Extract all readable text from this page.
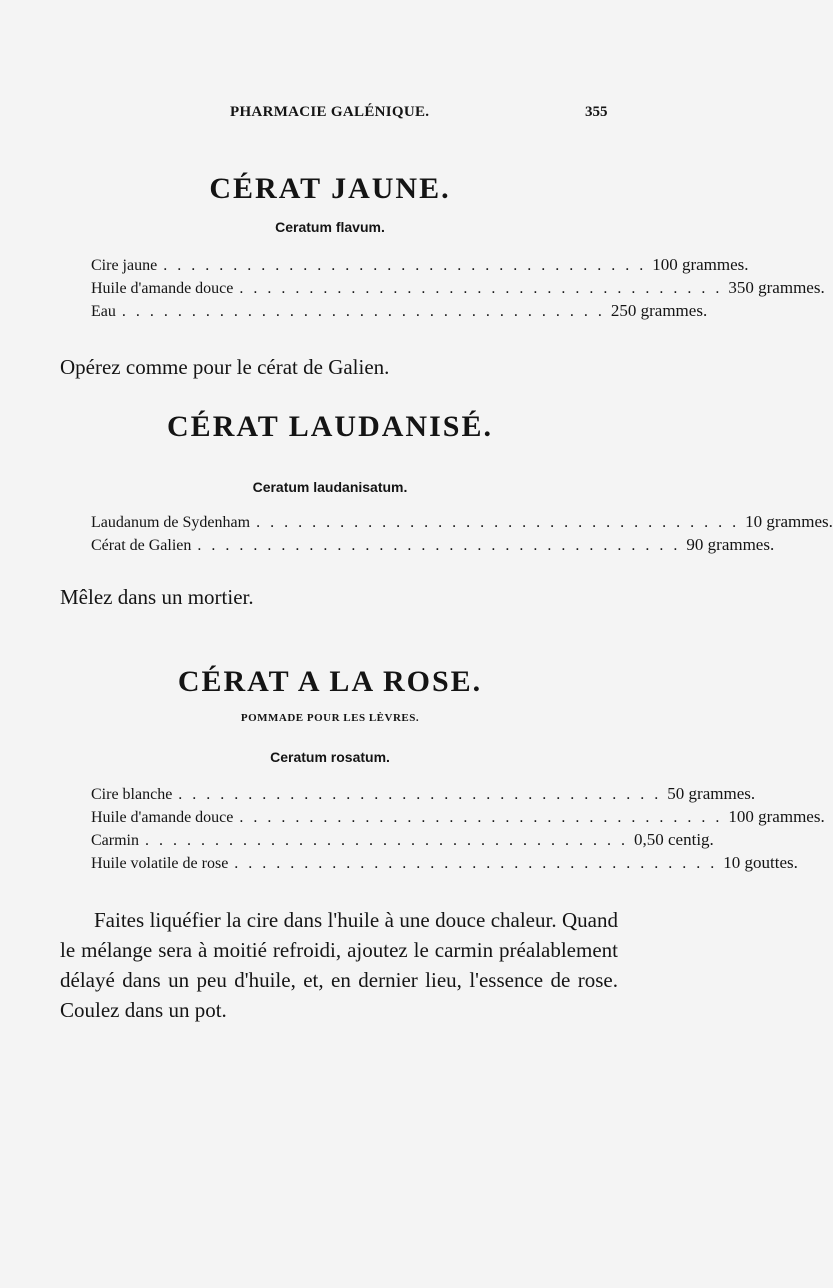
PHARMACIE GALÉNIQUE.	355
CÉRAT JAUNE.
Ceratum flavum.
Cire jaune . . . . . . . . . . . . . . . . . . . . . . . . . . . . . . . . . . . 100 grammes.
Huile d'amande douce . . . . . . . . . . . . . . . . . . . . . . . . . . . . . . . . . . . 350 grammes.
Eau . . . . . . . . . . . . . . . . . . . . . . . . . . . . . . . . . . . 250 grammes.
Opérez comme pour le cérat de Galien.
CÉRAT LAUDANISÉ.
Ceratum laudanisatum.
Laudanum de Sydenham . . . . . . . . . . . . . . . . . . . . . . . . . . . . . . . . . . . 10 grammes.
Cérat de Galien . . . . . . . . . . . . . . . . . . . . . . . . . . . . . . . . . . . 90 grammes.
Mêlez dans un mortier.
CÉRAT A LA ROSE.
POMMADE POUR LES LÈVRES.
Ceratum rosatum.
Cire blanche . . . . . . . . . . . . . . . . . . . . . . . . . . . . . . . . . . . 50 grammes.
Huile d'amande douce . . . . . . . . . . . . . . . . . . . . . . . . . . . . . . . . . . . 100 grammes.
Carmin . . . . . . . . . . . . . . . . . . . . . . . . . . . . . . . . . . . 0,50 centig.
Huile volatile de rose . . . . . . . . . . . . . . . . . . . . . . . . . . . . . . . . . . . 10 gouttes.
Faites liquéfier la cire dans l'huile à une douce chaleur. Quand le mélange sera à moitié refroidi, ajoutez le carmin préalablement délayé dans un peu d'huile, et, en dernier lieu, l'essence de rose. Coulez dans un pot.
